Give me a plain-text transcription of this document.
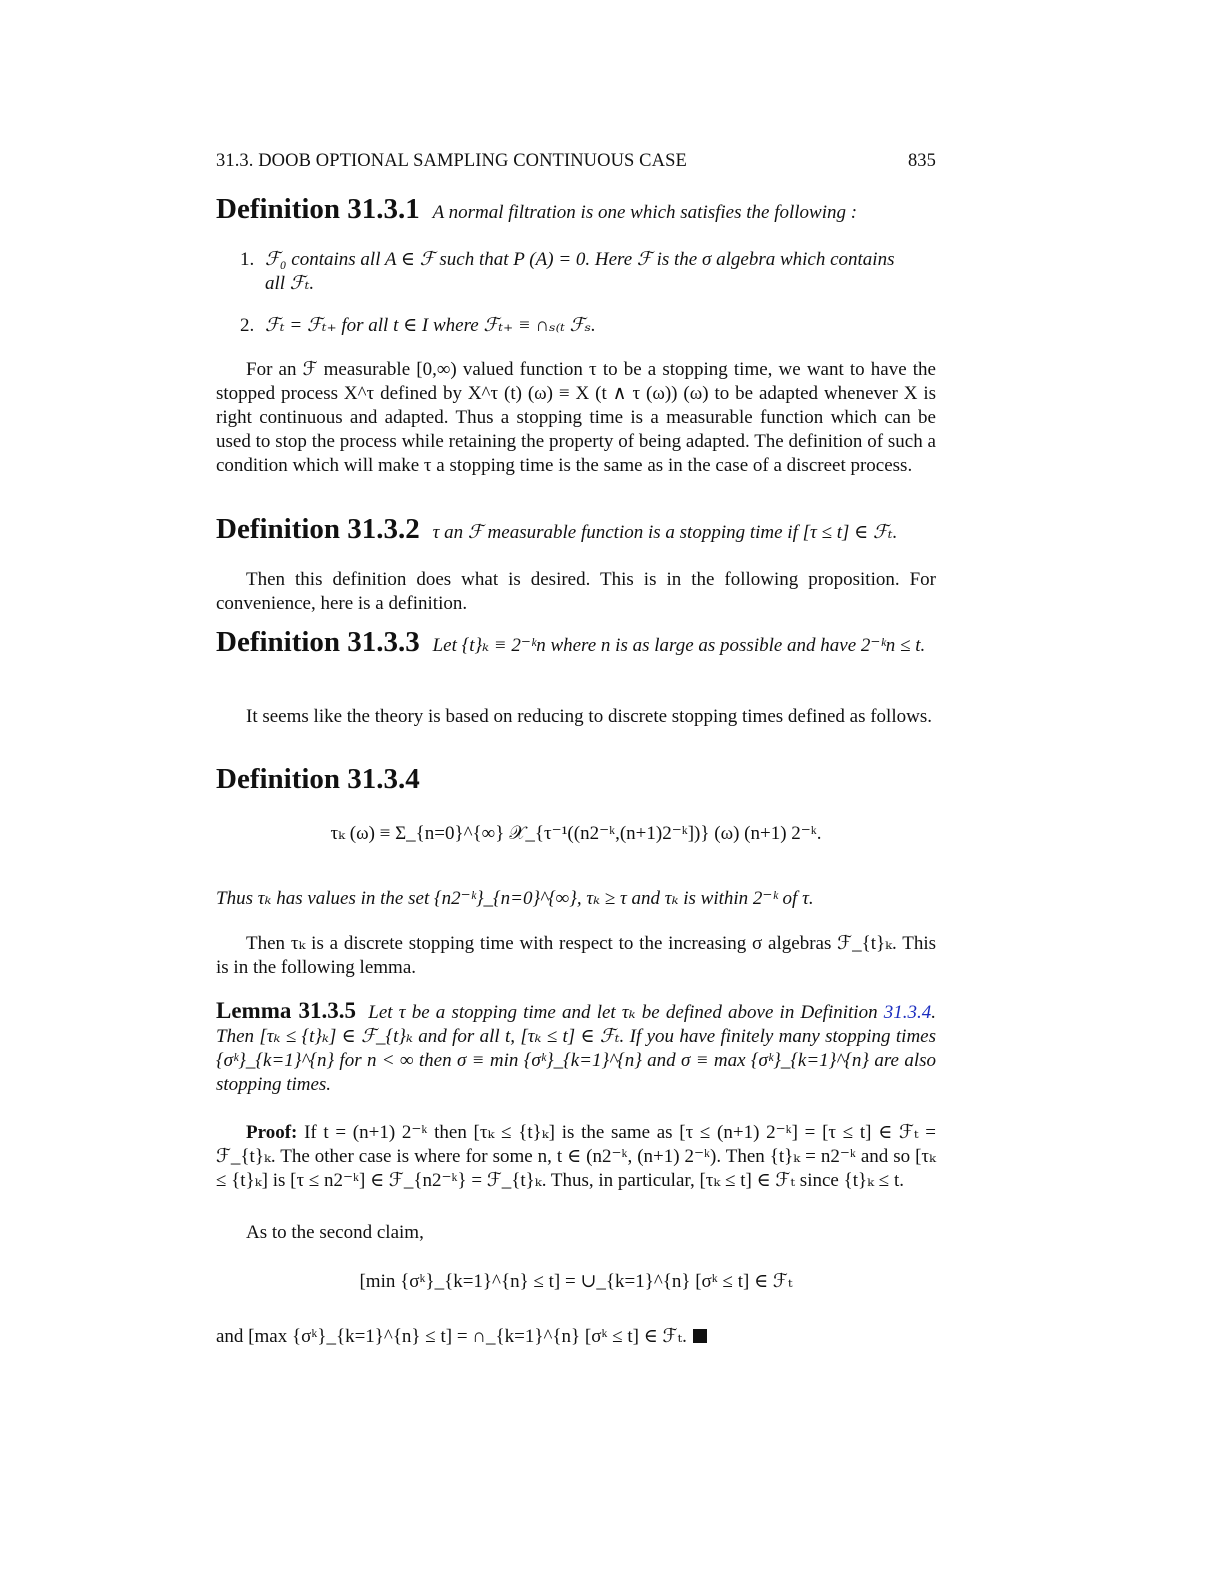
31.3. DOOB OPTIONAL SAMPLING CONTINUOUS CASE	835
Definition 31.3.1 A normal filtration is one which satisfies the following :
1. ℱ₀ contains all A ∈ ℱ such that P (A) = 0. Here ℱ is the σ algebra which contains
all ℱₜ.
2. ℱₜ = ℱₜ₊ for all t ∈ I where ℱₜ₊ ≡ ∩ₛ₍ₜ ℱₛ.
For an ℱ measurable [0,∞) valued function τ to be a stopping time, we want to have the stopped process X^τ defined by X^τ (t) (ω) ≡ X (t ∧ τ (ω)) (ω) to be adapted whenever X is right continuous and adapted. Thus a stopping time is a measurable function which can be used to stop the process while retaining the property of being adapted. The definition of such a condition which will make τ a stopping time is the same as in the case of a discreet process.
Definition 31.3.2 τ an ℱ measurable function is a stopping time if [τ ≤ t] ∈ ℱₜ.
Then this definition does what is desired. This is in the following proposition. For convenience, here is a definition.
Definition 31.3.3 Let {t}ₖ ≡ 2⁻ᵏn where n is as large as possible and have 2⁻ᵏn ≤ t.
It seems like the theory is based on reducing to discrete stopping times defined as follows.
Definition 31.3.4
τₖ (ω) ≡ Σ_{n=0}^{∞} 𝒳_{τ⁻¹((n2⁻ᵏ,(n+1)2⁻ᵏ])} (ω) (n+1) 2⁻ᵏ.
Thus τₖ has values in the set {n2⁻ᵏ}_{n=0}^{∞}, τₖ ≥ τ and τₖ is within 2⁻ᵏ of τ.
Then τₖ is a discrete stopping time with respect to the increasing σ algebras ℱ_{t}ₖ. This is in the following lemma.
Lemma 31.3.5 Let τ be a stopping time and let τₖ be defined above in Definition 31.3.4. Then [τₖ ≤ {t}ₖ] ∈ ℱ_{t}ₖ and for all t, [τₖ ≤ t] ∈ ℱₜ. If you have finitely many stopping times {σᵏ}_{k=1}^{n} for n < ∞ then σ ≡ min {σᵏ}_{k=1}^{n} and σ ≡ max {σᵏ}_{k=1}^{n} are also stopping times.
Proof: If t = (n+1) 2⁻ᵏ then [τₖ ≤ {t}ₖ] is the same as [τ ≤ (n+1) 2⁻ᵏ] = [τ ≤ t] ∈ ℱₜ = ℱ_{t}ₖ. The other case is where for some n, t ∈ (n2⁻ᵏ, (n+1) 2⁻ᵏ). Then {t}ₖ = n2⁻ᵏ and so [τₖ ≤ {t}ₖ] is [τ ≤ n2⁻ᵏ] ∈ ℱ_{n2⁻ᵏ} = ℱ_{t}ₖ. Thus, in particular, [τₖ ≤ t] ∈ ℱₜ since {t}ₖ ≤ t.
As to the second claim,
[min {σᵏ}_{k=1}^{n} ≤ t] = ∪_{k=1}^{n} [σᵏ ≤ t] ∈ ℱₜ
and [max {σᵏ}_{k=1}^{n} ≤ t] = ∩_{k=1}^{n} [σᵏ ≤ t] ∈ ℱₜ.
